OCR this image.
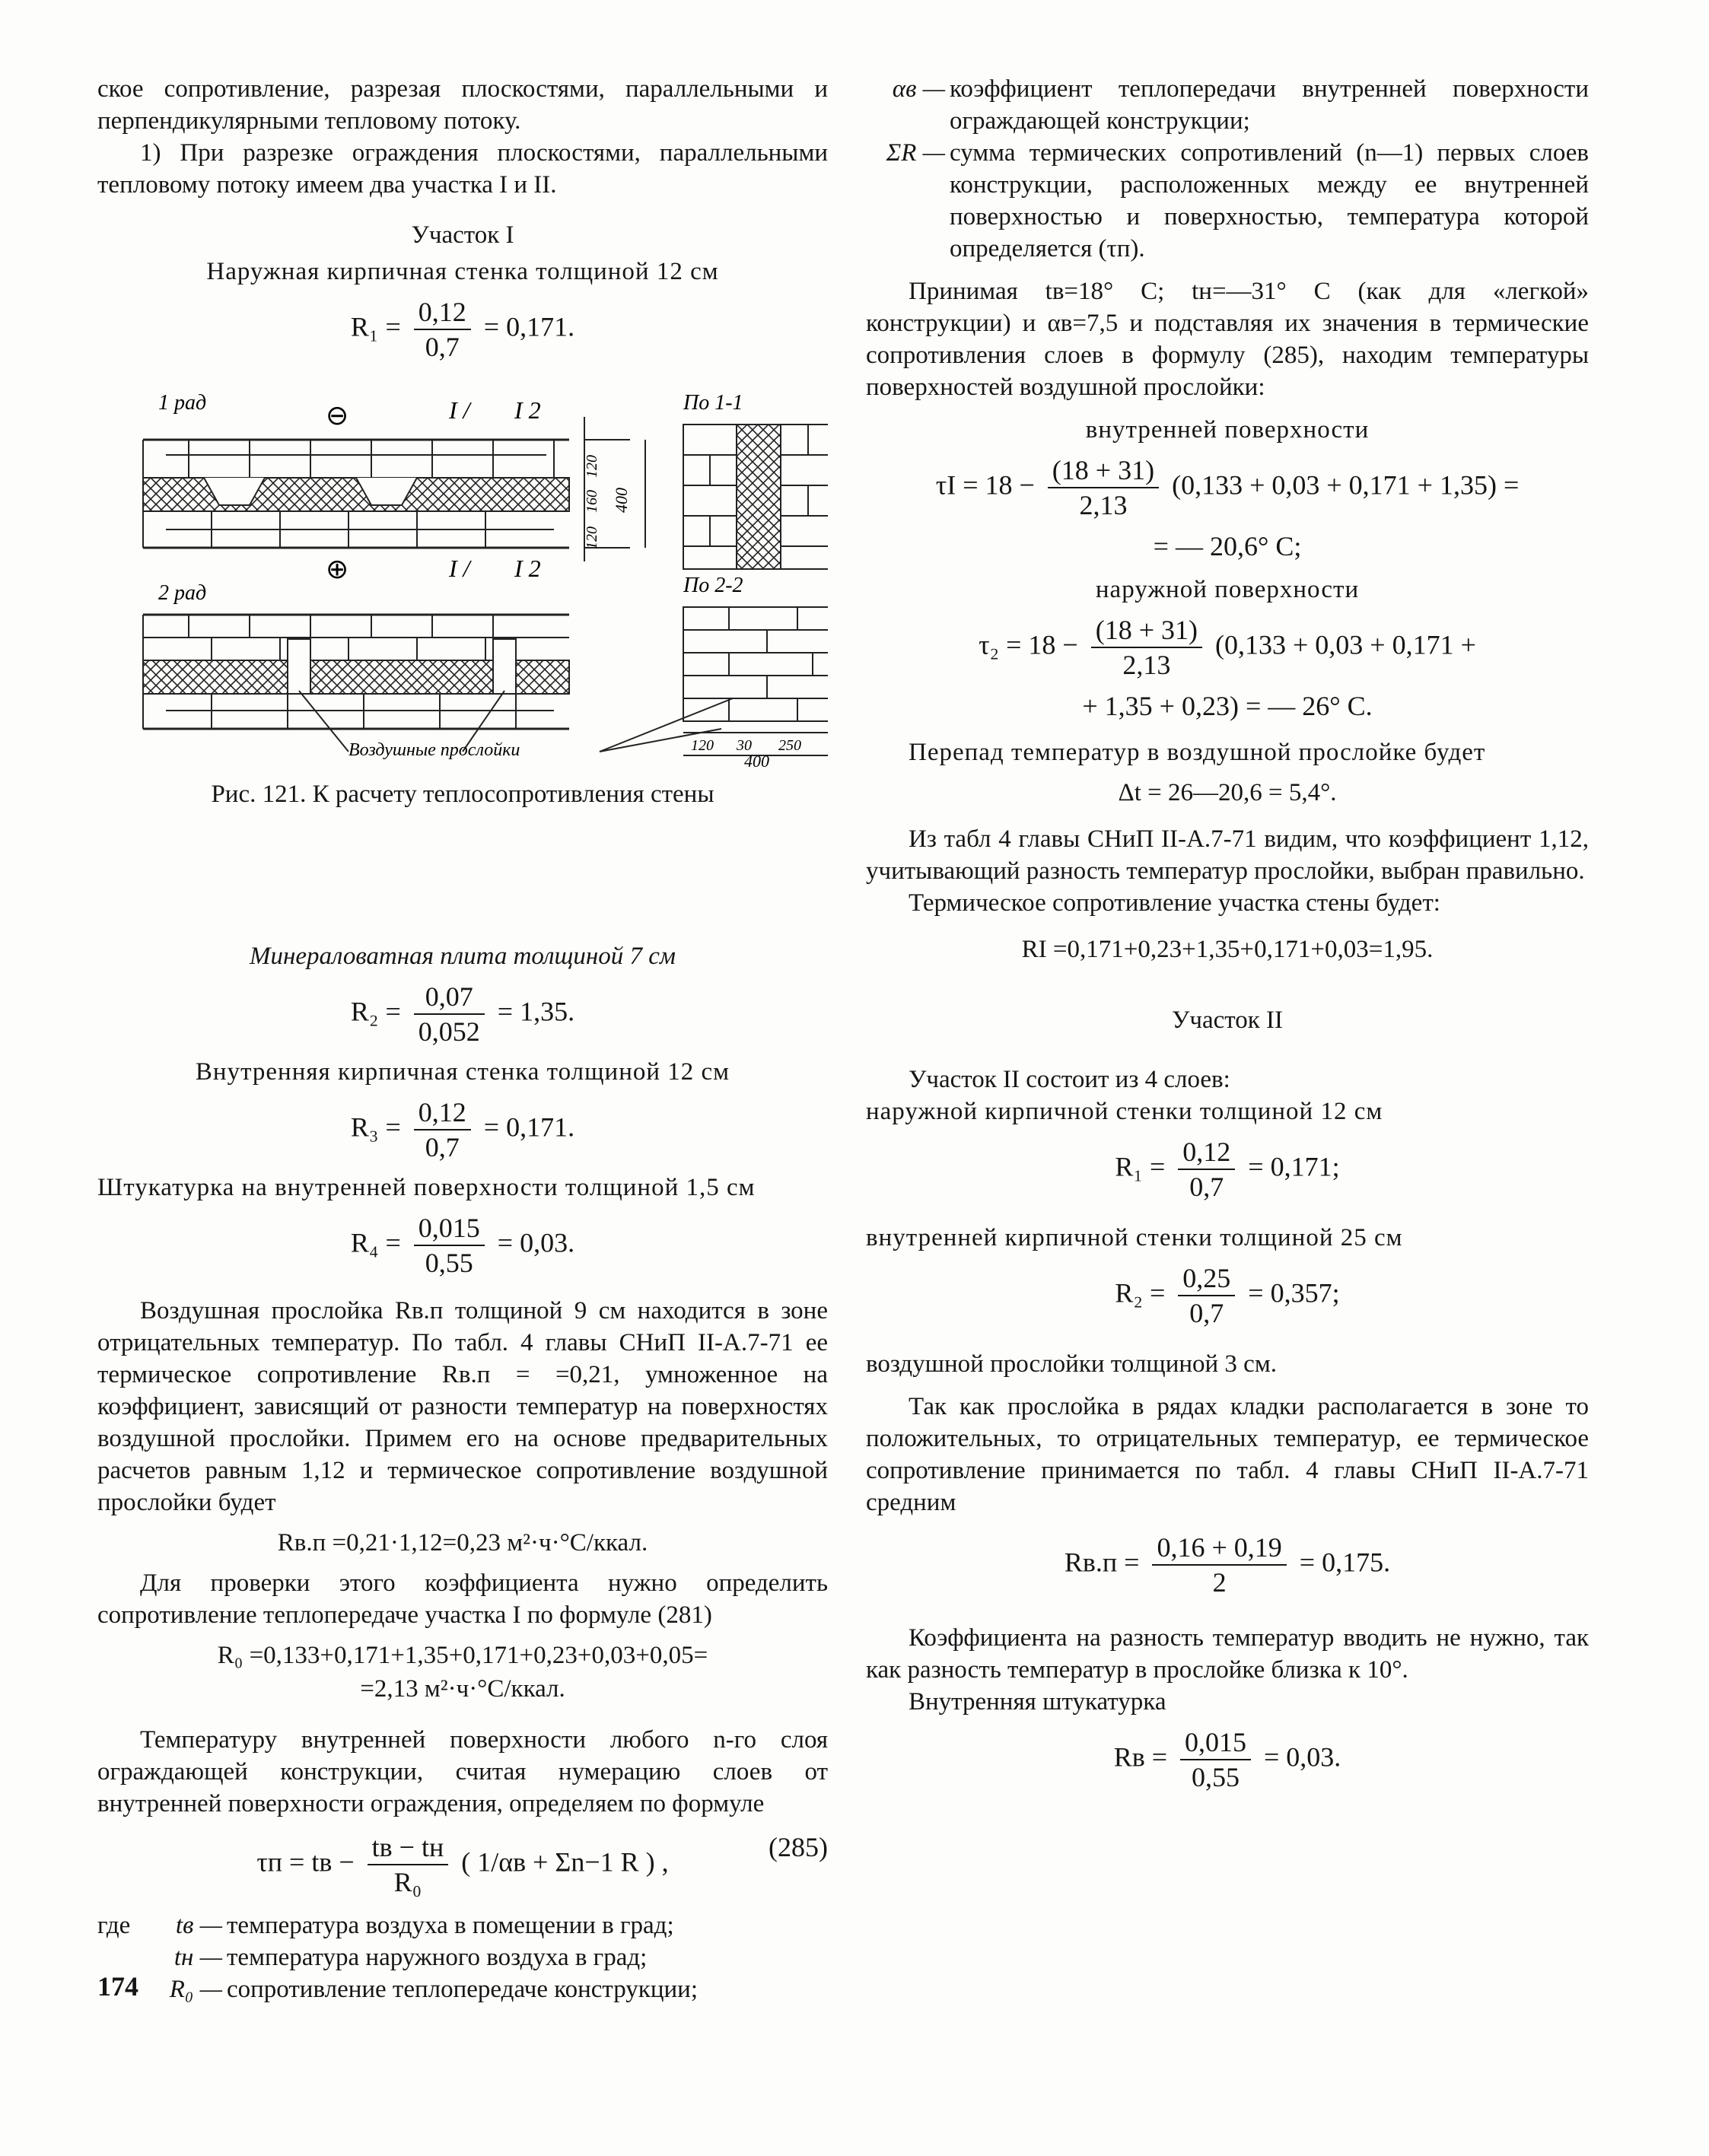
ское сопротивление, разрезая плоскостями, параллельными и перпендикулярными тепловому потоку.

1) При разрезке ограждения плоскостями, параллельными тепловому потоку имеем два участка I и II.

Участок I

Наружная кирпичная стенка толщиной 12 см

$R_1 = \frac{0,12}{0,7} = 0,171$.
1 рад	⊖	I / I 2
⊕	I / I 2
120
160
120
400
По 1-1
2 рад	По 2-2
120 30 250
400
Воздушные прослойки

Рис. 121. К расчету теплосопротивления стены

Минераловатная плита толщиной 7 см

$R_2 = \frac{0,07}{0,052} = 1,35$.

Внутренняя кирпичная стенка толщиной 12 см

$R_3 = \frac{0,12}{0,7} = 0,171$.

Штукатурка на внутренней поверхности толщиной 1,5 см

$R_4 = \frac{0,015}{0,55} = 0,03$.

Воздушная прослойка Rв.п толщиной 9 см находится в зоне отрицательных температур. По табл. 4 главы СНиП II-А.7-71 ее термическое сопротивление Rв.п = =0,21, умноженное на коэффициент, зависящий от разности температур на поверхностях воздушной прослойки. Примем его на основе предварительных расчетов равным 1,12 и термическое сопротивление воздушной прослойки будет

Rв.п =0,21·1,12=0,23 м²·ч·°С/ккал.

Для проверки этого коэффициента нужно определить сопротивление теплопередаче участка I по формуле (281)

R₀ =0,133+0,171+1,35+0,171+0,23+0,03+0,05=
=2,13 м²·ч·°С/ккал.

Температуру внутренней поверхности любого n-го слоя ограждающей конструкции, считая нумерацию слоев от внутренней поверхности ограждения, определяем по формуле

τп = tв − $\frac{tв - tн}{\text{R₀}}$ ( 1/αв + Σn−1 R ) ,	(285)
где	tв — температура воздуха в помещении в град;
tн — температура наружного воздуха в град;
R₀ — сопротивление теплопередаче конструкции;
αв — коэффициент теплопередачи внутренней поверхности ограждающей конструкции;
ΣR — сумма термических сопротивлений (n—1) первых слоев конструкции, расположенных между ее внутренней поверхностью и поверхностью, температура которой определяется (τп).

Принимая tв=18° С; tн=—31° С (как для «легкой» конструкции) и αв=7,5 и подставляя их значения в термические сопротивления слоев в формулу (285), находим температуры поверхностей воздушной прослойки:

внутренней поверхности

$\tau I = 18 - \frac{(18 + 31)}{2,13} (0,133 + 0,03 + 0,171 + 1,35)$ =
= — 20,6° С;

наружной поверхности

$\tau_2 = 18 - \frac{(18 + 31)}{2,13} (0,133 + 0,03 + 0,171$ +
+ 1,35 + 0,23) = — 26° С.

Перепад температур в воздушной прослойке будет

Δt = 26—20,6 = 5,4°.

Из табл 4 главы СНиП II-А.7-71 видим, что коэффициент 1,12, учитывающий разность температур прослойки, выбран правильно.

Термическое сопротивление участка стены будет:

RI =0,171+0,23+1,35+0,171+0,03=1,95.

Участок II

Участок II состоит из 4 слоев:

наружной кирпичной стенки толщиной 12 см

$R_1 = \frac{0,12}{0,7} = 0,171$;

внутренней кирпичной стенки толщиной 25 см

$R_2 = \frac{0,25}{0,7} = 0,357$;

воздушной прослойки толщиной 3 см.

Так как прослойка в рядах кладки располагается в зоне то положительных, то отрицательных температур, ее термическое сопротивление принимается по табл. 4 главы СНиП II-А.7-71 средним

$Rв.п = \frac{0,16 + 0,19}{2} = 0,175$.

Коэффициента на разность температур вводить не нужно, так как разность температур в прослойке близка к 10°.

Внутренняя штукатурка

Rв = $\frac{0,015}{0,55} = 0,03$.
174
